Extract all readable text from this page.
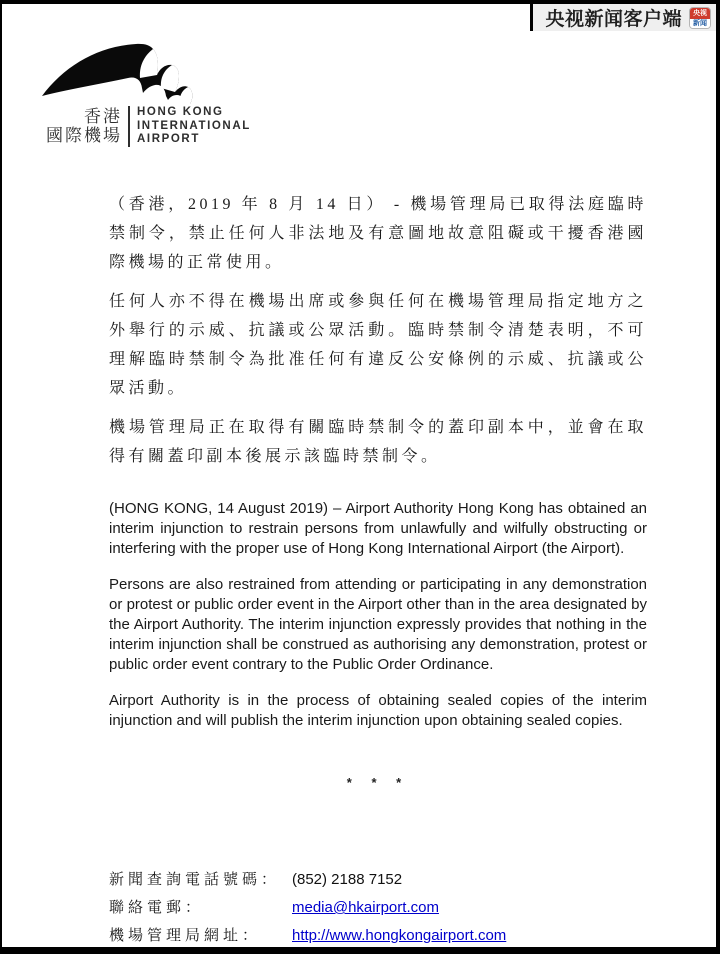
央视新闻客户端	央视
新闻
香港
國際機場
HONG KONG
INTERNATIONAL
AIRPORT

（香港，2019 年 8 月 14 日） - 機場管理局已取得法庭臨時禁制令，禁止任何人非法地及有意圖地故意阻礙或干擾香港國際機場的正常使用。

任何人亦不得在機場出席或參與任何在機場管理局指定地方之外舉行的示威、抗議或公眾活動。臨時禁制令清楚表明，不可理解臨時禁制令為批准任何有違反公安條例的示威、抗議或公眾活動。

機場管理局正在取得有關臨時禁制令的蓋印副本中，並會在取得有關蓋印副本後展示該臨時禁制令。

(HONG KONG, 14 August 2019) – Airport Authority Hong Kong has obtained an interim injunction to restrain persons from unlawfully and wilfully obstructing or interfering with the proper use of Hong Kong International Airport (the Airport).

Persons are also restrained from attending or participating in any demonstration or protest or public order event in the Airport other than in the area designated by the Airport Authority. The interim injunction expressly provides that nothing in the interim injunction shall be construed as authorising any demonstration, protest or public order event contrary to the Public Order Ordinance.

Airport Authority is in the process of obtaining sealed copies of the interim injunction and will publish the interim injunction upon obtaining sealed copies.

* * *
新聞查詢電話號碼： (852) 2188 7152
聯絡電郵：	media@hkairport.com
機場管理局網址：	http://www.hongkongairport.com
